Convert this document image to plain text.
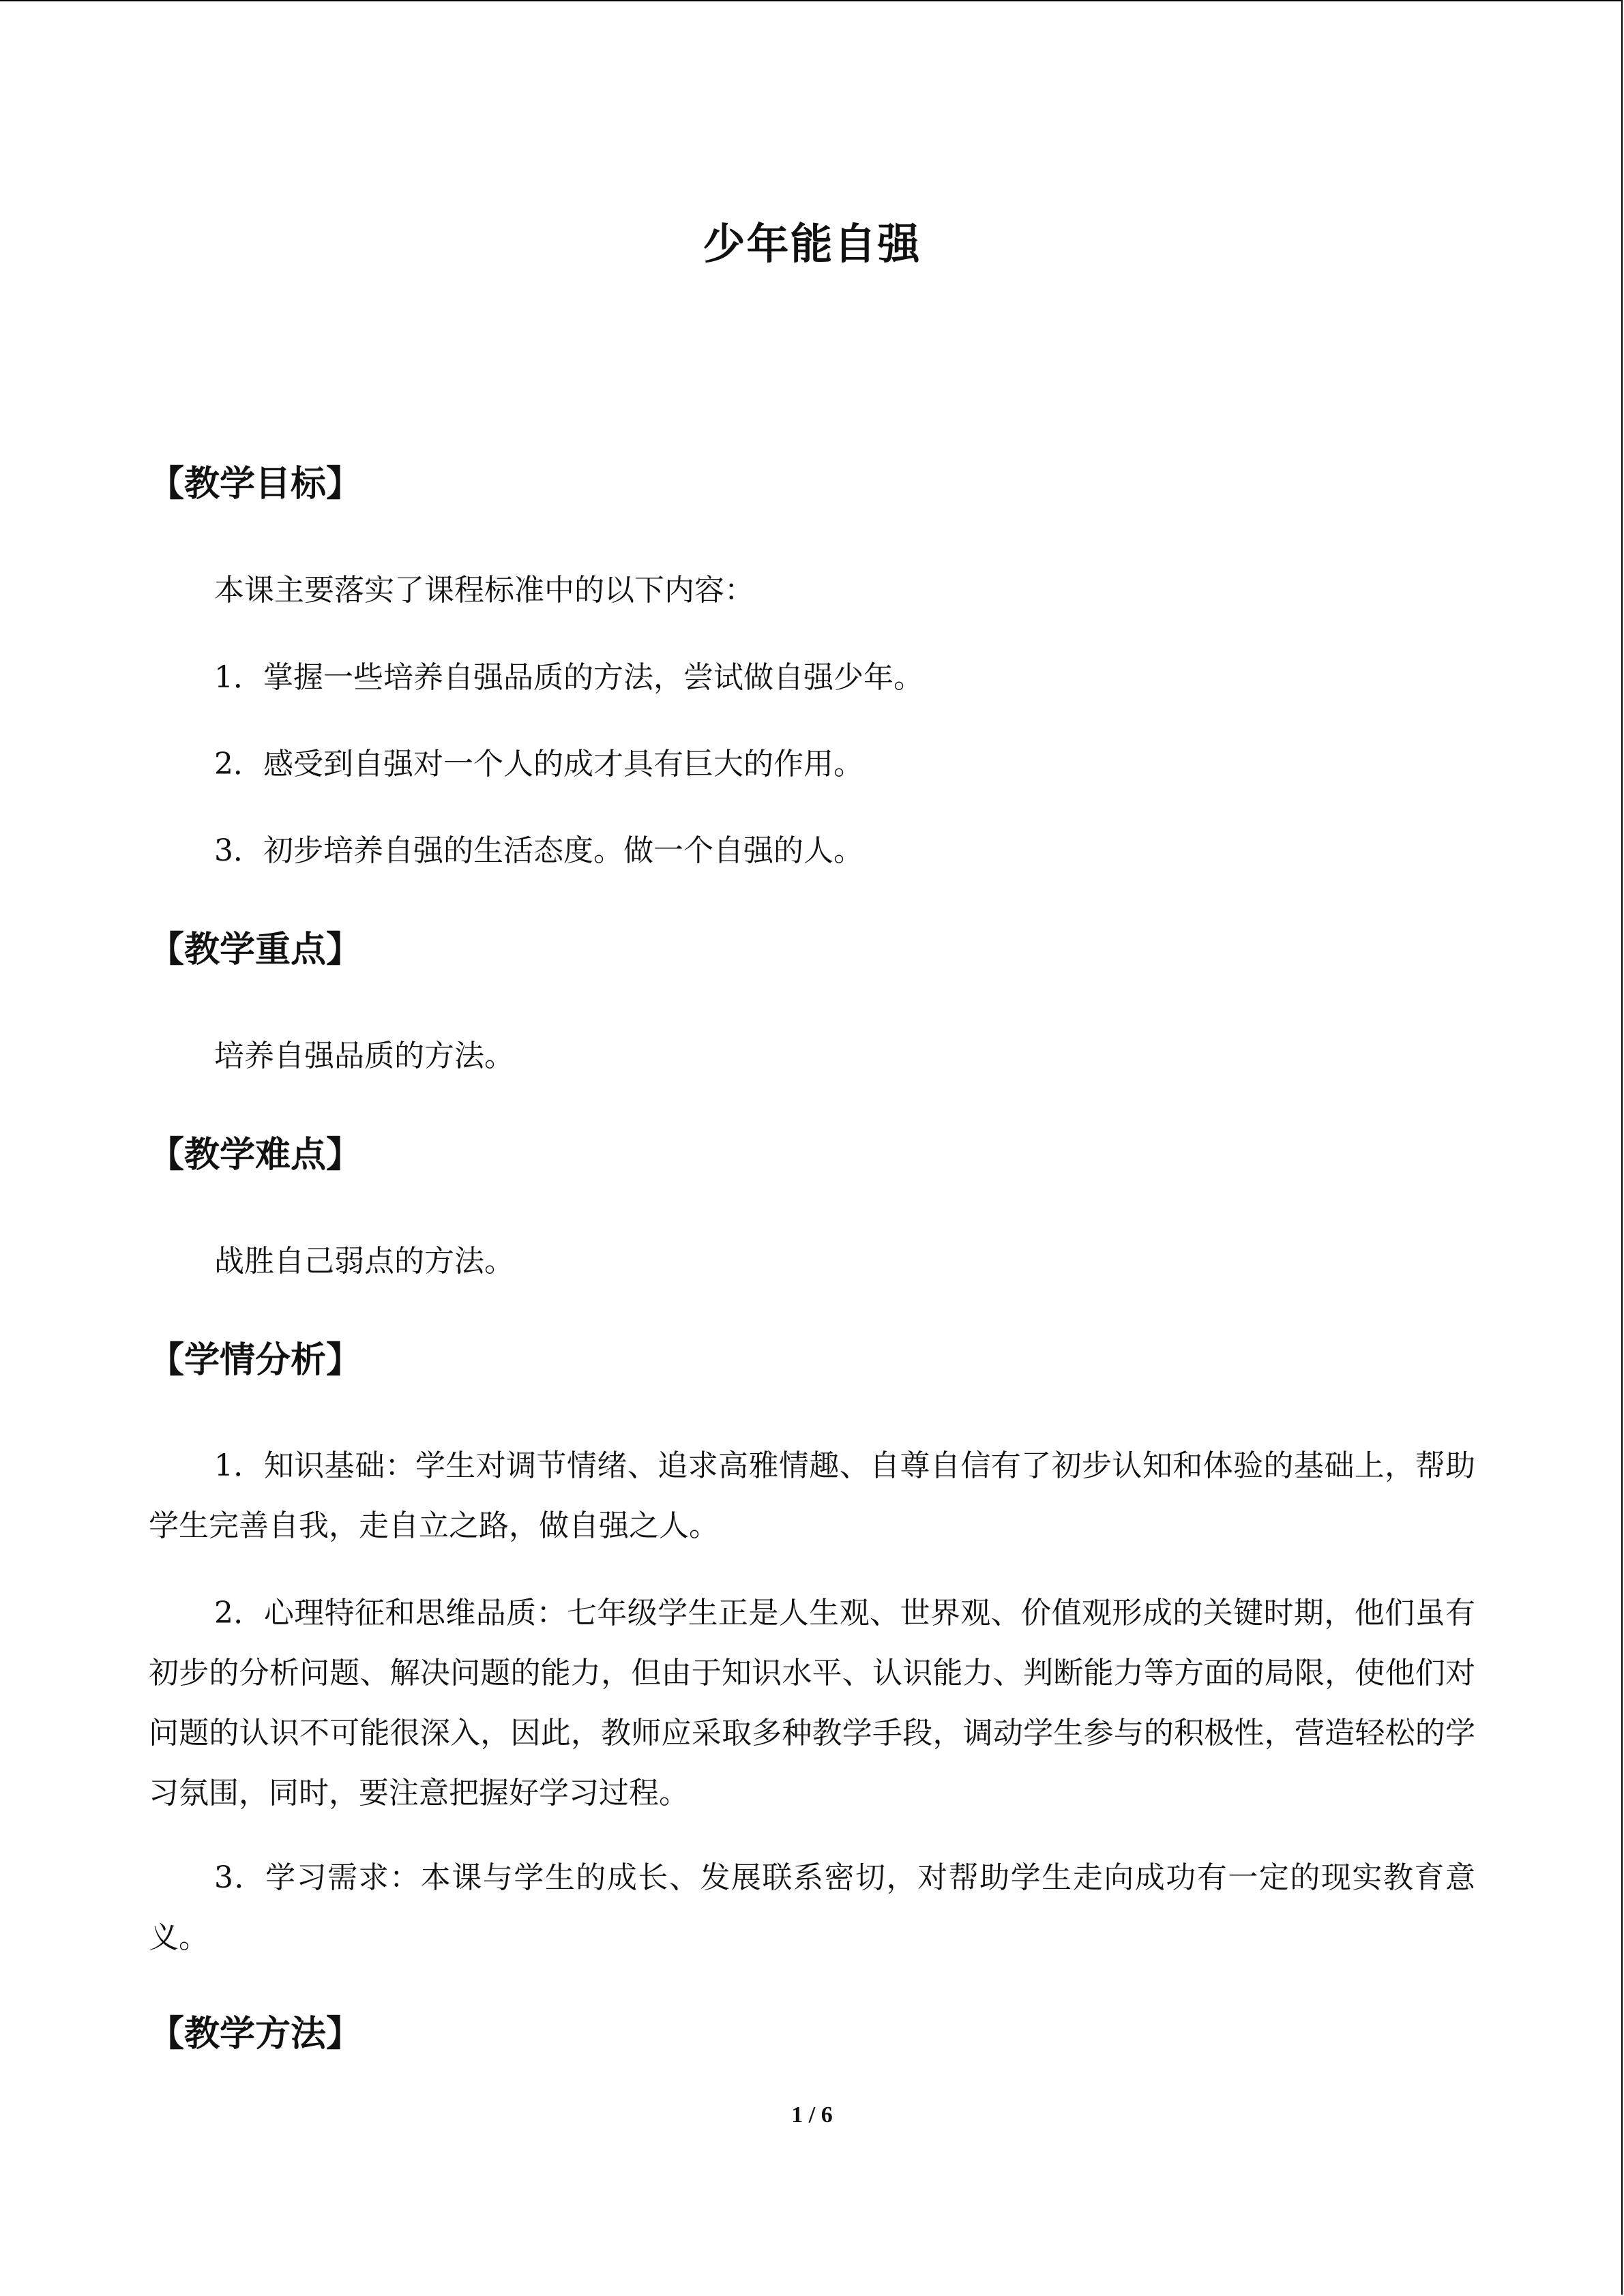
少年能自强
【教学目标】

本课主要落实了课程标准中的以下内容：

1．掌握一些培养自强品质的方法，尝试做自强少年。

2．感受到自强对一个人的成才具有巨大的作用。

3．初步培养自强的生活态度。做一个自强的人。

【教学重点】

培养自强品质的方法。

【教学难点】

战胜自己弱点的方法。

【学情分析】

1．知识基础：学生对调节情绪、追求高雅情趣、自尊自信有了初步认知和体验的基础上，帮助学生完善自我，走自立之路，做自强之人。

2．心理特征和思维品质：七年级学生正是人生观、世界观、价值观形成的关键时期，他们虽有初步的分析问题、解决问题的能力，但由于知识水平、认识能力、判断能力等方面的局限，使他们对问题的认识不可能很深入，因此，教师应采取多种教学手段，调动学生参与的积极性，营造轻松的学习氛围，同时，要注意把握好学习过程。

3．学习需求：本课与学生的成长、发展联系密切，对帮助学生走向成功有一定的现实教育意义。

【教学方法】

1 / 6
